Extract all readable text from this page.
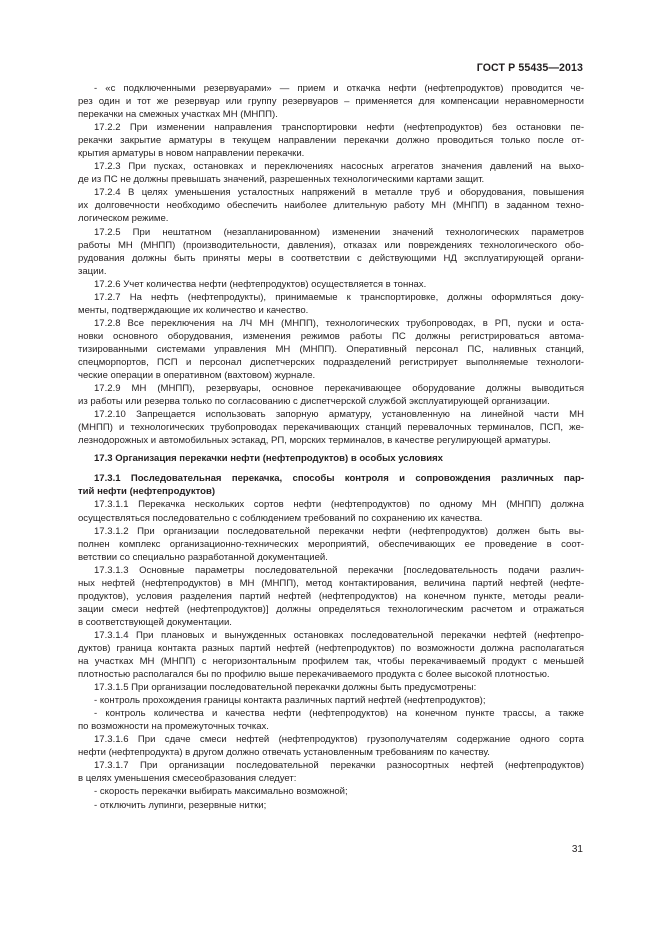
ГОСТ Р 55435—2013
- «с подключенными резервуарами» — прием и откачка нефти (нефтепродуктов) проводится че-
рез один и тот же резервуар или группу резервуаров – применяется для компенсации неравномерности
перекачки на смежных участках МН (МНПП).
17.2.2 При изменении направления транспортировки нефти (нефтепродуктов) без остановки пе-
рекачки закрытие арматуры в текущем направлении перекачки должно проводиться только после от-
крытия арматуры в новом направлении перекачки.
17.2.3 При пусках, остановках и переключениях насосных агрегатов значения давлений на выхо-
де из ПС не должны превышать значений, разрешенных технологическими картами защит.
17.2.4 В целях уменьшения усталостных напряжений в металле труб и оборудования, повышения
их долговечности необходимо обеспечить наиболее длительную работу МН (МНПП) в заданном техно-
логическом режиме.
17.2.5 При нештатном (незапланированном) изменении значений технологических параметров
работы МН (МНПП) (производительности, давления), отказах или повреждениях технологического обо-
рудования должны быть приняты меры в соответствии с действующими НД эксплуатирующей органи-
зации.
17.2.6 Учет количества нефти (нефтепродуктов) осуществляется в тоннах.
17.2.7 На нефть (нефтепродукты), принимаемые к транспортировке, должны оформляться доку-
менты, подтверждающие их количество и качество.
17.2.8 Все переключения на ЛЧ МН (МНПП), технологических трубопроводах, в РП, пуски и оста-
новки основного оборудования, изменения режимов работы ПС должны регистрироваться автома-
тизированными системами управления МН (МНПП). Оперативный персонал ПС, наливных станций,
спецморпортов, ПСП и персонал диспетчерских подразделений регистрирует выполняемые технологи-
ческие операции в оперативном (вахтовом) журнале.
17.2.9 МН (МНПП), резервуары, основное перекачивающее оборудование должны выводиться
из работы или резерва только по согласованию с диспетчерской службой эксплуатирующей организации.
17.2.10 Запрещается использовать запорную арматуру, установленную на линейной части МН
(МНПП) и технологических трубопроводах перекачивающих станций перевалочных терминалов, ПСП, же-
лезнодорожных и автомобильных эстакад, РП, морских терминалов, в качестве регулирующей арматуры.
17.3 Организация перекачки нефти (нефтепродуктов) в особых условиях
17.3.1 Последовательная перекачка, способы контроля и сопровождения различных пар-
тий нефти (нефтепродуктов)
17.3.1.1 Перекачка нескольких сортов нефти (нефтепродуктов) по одному МН (МНПП) должна
осуществляться последовательно с соблюдением требований по сохранению их качества.
17.3.1.2 При организации последовательной перекачки нефти (нефтепродуктов) должен быть вы-
полнен комплекс организационно-технических мероприятий, обеспечивающих ее проведение в соот-
ветствии со специально разработанной документацией.
17.3.1.3 Основные параметры последовательной перекачки [последовательность подачи различ-
ных нефтей (нефтепродуктов) в МН (МНПП), метод контактирования, величина партий нефтей (нефте-
продуктов), условия разделения партий нефтей (нефтепродуктов) на конечном пункте, методы реали-
зации смеси нефтей (нефтепродуктов)] должны определяться технологическим расчетом и отражаться
в соответствующей документации.
17.3.1.4 При плановых и вынужденных остановках последовательной перекачки нефтей (нефтепро-
дуктов) граница контакта разных партий нефтей (нефтепродуктов) по возможности должна располагаться
на участках МН (МНПП) с негоризонтальным профилем так, чтобы перекачиваемый продукт с меньшей
плотностью располагался бы по профилю выше перекачиваемого продукта с более высокой плотностью.
17.3.1.5 При организации последовательной перекачки должны быть предусмотрены:
- контроль прохождения границы контакта различных партий нефтей (нефтепродуктов);
- контроль количества и качества нефти (нефтепродуктов) на конечном пункте трассы, а также
по возможности на промежуточных точках.
17.3.1.6 При сдаче смеси нефтей (нефтепродуктов) грузополучателям содержание одного сорта
нефти (нефтепродукта) в другом должно отвечать установленным требованиям по качеству.
17.3.1.7 При организации последовательной перекачки разносортных нефтей (нефтепродуктов)
в целях уменьшения смесеобразования следует:
- скорость перекачки выбирать максимально возможной;
- отключить лупинги, резервные нитки;
31
